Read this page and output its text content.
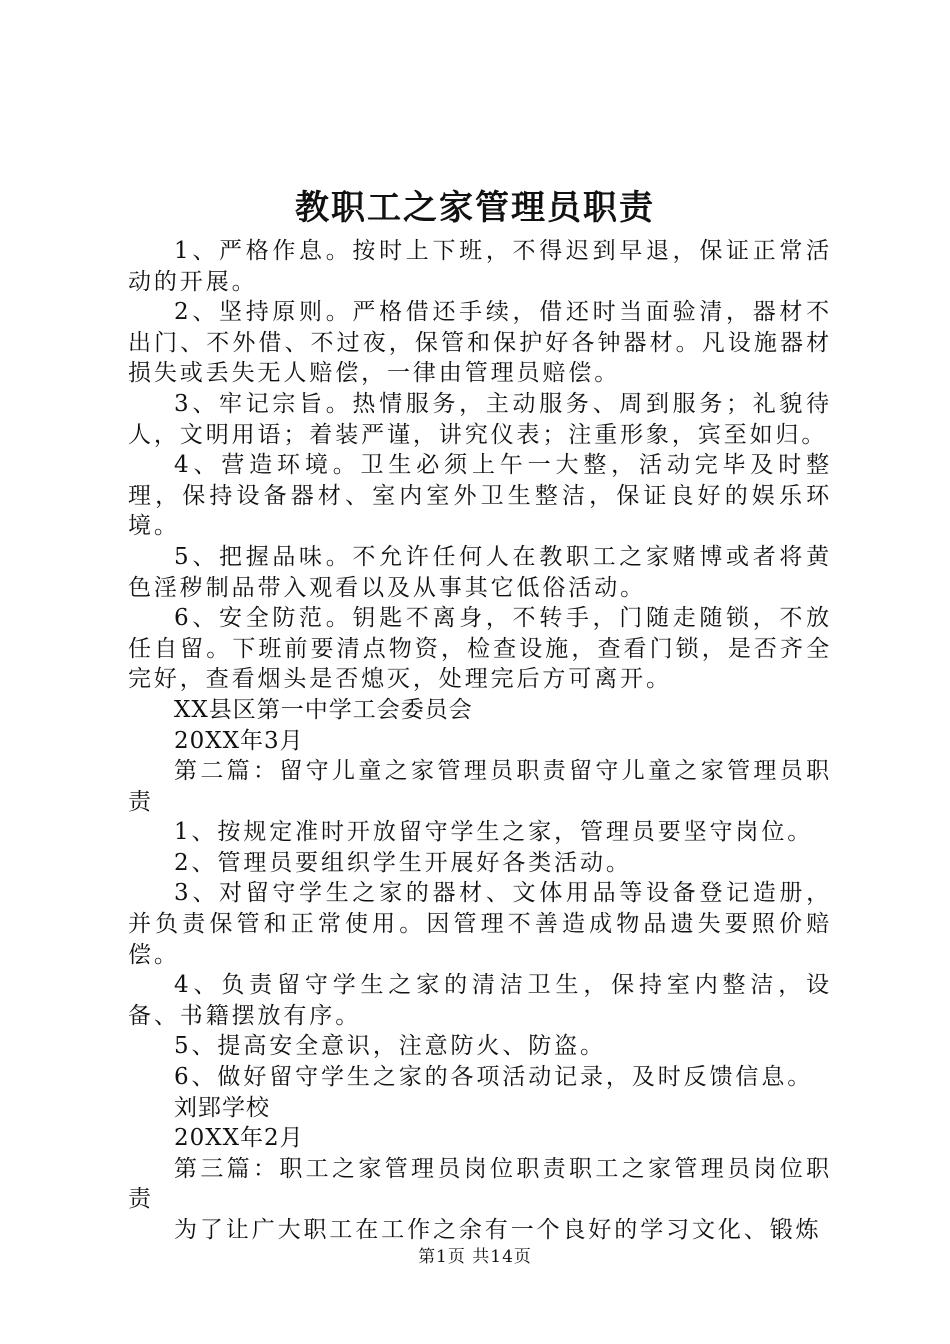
教职工之家管理员职责

1、严格作息。按时上下班，不得迟到早退，保证正常活动的开展。

2、坚持原则。严格借还手续，借还时当面验清，器材不出门、不外借、不过夜，保管和保护好各钟器材。凡设施器材损失或丢失无人赔偿，一律由管理员赔偿。

3、牢记宗旨。热情服务，主动服务、周到服务；礼貌待人，文明用语；着装严谨，讲究仪表；注重形象，宾至如归。

4、营造环境。卫生必须上午一大整，活动完毕及时整理，保持设备器材、室内室外卫生整洁，保证良好的娱乐环境。

5、把握品味。不允许任何人在教职工之家赌博或者将黄色淫秽制品带入观看以及从事其它低俗活动。

6、安全防范。钥匙不离身，不转手，门随走随锁，不放任自留。下班前要清点物资，检查设施，查看门锁，是否齐全完好，查看烟头是否熄灭，处理完后方可离开。

XX县区第一中学工会委员会

20XX年3月

第二篇：留守儿童之家管理员职责留守儿童之家管理员职责

1、按规定准时开放留守学生之家，管理员要坚守岗位。

2、管理员要组织学生开展好各类活动。

3、对留守学生之家的器材、文体用品等设备登记造册，并负责保管和正常使用。因管理不善造成物品遗失要照价赔偿。

4、负责留守学生之家的清洁卫生，保持室内整洁，设备、书籍摆放有序。

5、提高安全意识，注意防火、防盗。

6、做好留守学生之家的各项活动记录，及时反馈信息。

刘郢学校

20XX年2月

第三篇：职工之家管理员岗位职责职工之家管理员岗位职责

为了让广大职工在工作之余有一个良好的学习文化、锻炼

第1页 共14页
